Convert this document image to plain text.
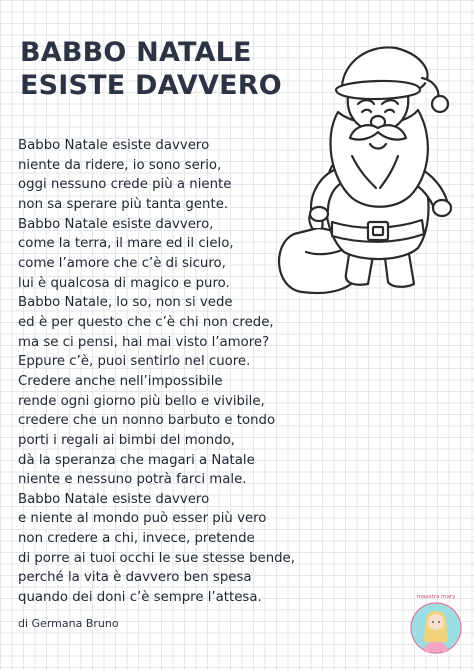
BABBO NATALE
ESISTE DAVVERO
Babbo Natale esiste davvero
niente da ridere, io sono serio,
oggi nessuno crede più a niente
non sa sperare più tanta gente.
Babbo Natale esiste davvero,
come la terra, il mare ed il cielo,
come l’amore che c’è di sicuro,
lui è qualcosa di magico e puro.
Babbo Natale, lo so, non si vede
ed è per questo che c’è chi non crede,
ma se ci pensi, hai mai visto l’amore?
Eppure c’è, puoi sentirlo nel cuore.
Credere anche nell’impossibile
rende ogni giorno più bello e vivibile,
credere che un nonno barbuto e tondo
porti i regali ai bimbi del mondo,
dà la speranza che magari a Natale
niente e nessuno potrà farci male.
Babbo Natale esiste davvero
e niente al mondo può esser più vero
non credere a chi, invece, pretende
di porre ai tuoi occhi le sue stesse bende,
perché la vita è davvero ben spesa
quando dei doni c’è sempre l’attesa.
di Germana Bruno
maestra mary
